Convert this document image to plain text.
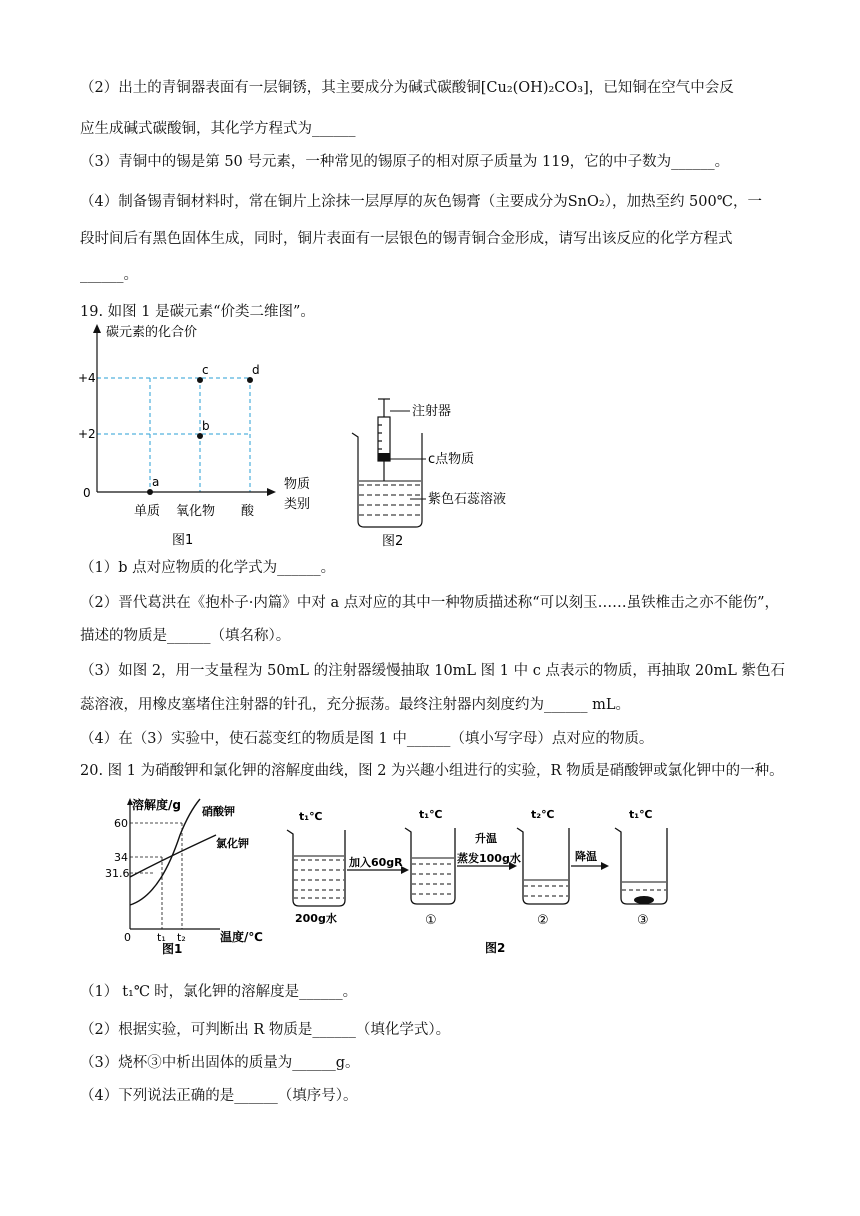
（2）出土的青铜器表面有一层铜锈，其主要成分为碱式碳酸铜[Cu₂(OH)₂CO₃]，已知铜在空气中会反
应生成碱式碳酸铜，其化学方程式为______
（3）青铜中的锡是第 50 号元素，一种常见的锡原子的相对原子质量为 119，它的中子数为______。
（4）制备锡青铜材料时，常在铜片上涂抹一层厚厚的灰色锡膏（主要成分为SnO₂），加热至约 500℃，一
段时间后有黑色固体生成，同时，铜片表面有一层银色的锡青铜合金形成，请写出该反应的化学方程式
______。
19. 如图 1 是碳元素“价类二维图”。
碳元素的化合价
+4
+2
0
单质 氧化物 酸
物质
类别
a
b
c	d
图1
注射器
c点物质
紫色石蕊溶液
图2
（1）b 点对应物质的化学式为______。
（2）晋代葛洪在《抱朴子·内篇》中对 a 点对应的其中一种物质描述称“可以刻玉……虽铁椎击之亦不能伤”，
描述的物质是______（填名称）。
（3）如图 2，用一支量程为 50mL 的注射器缓慢抽取 10mL 图 1 中 c 点表示的物质，再抽取 20mL 紫色石
蕊溶液，用橡皮塞堵住注射器的针孔，充分振荡。最终注射器内刻度约为______ mL。
（4）在（3）实验中，使石蕊变红的物质是图 1 中______（填小写字母）点对应的物质。
20. 图 1 为硝酸钾和氯化钾的溶解度曲线，图 2 为兴趣小组进行的实验，R 物质是硝酸钾或氯化钾中的一种。
溶解度/g
温度/℃
60
34
31.6
0 t₁ t₂
硝酸钾
氯化钾
图1
t₁℃	t₁℃	t₂℃	t₁℃
200g水
加入60gR
①
升温
蒸发100g水
②
降温
③
图2
（1） t₁℃ 时，氯化钾的溶解度是______。
（2）根据实验，可判断出 R 物质是______（填化学式）。
（3）烧杯③中析出固体的质量为______g。
（4）下列说法正确的是______（填序号）。
